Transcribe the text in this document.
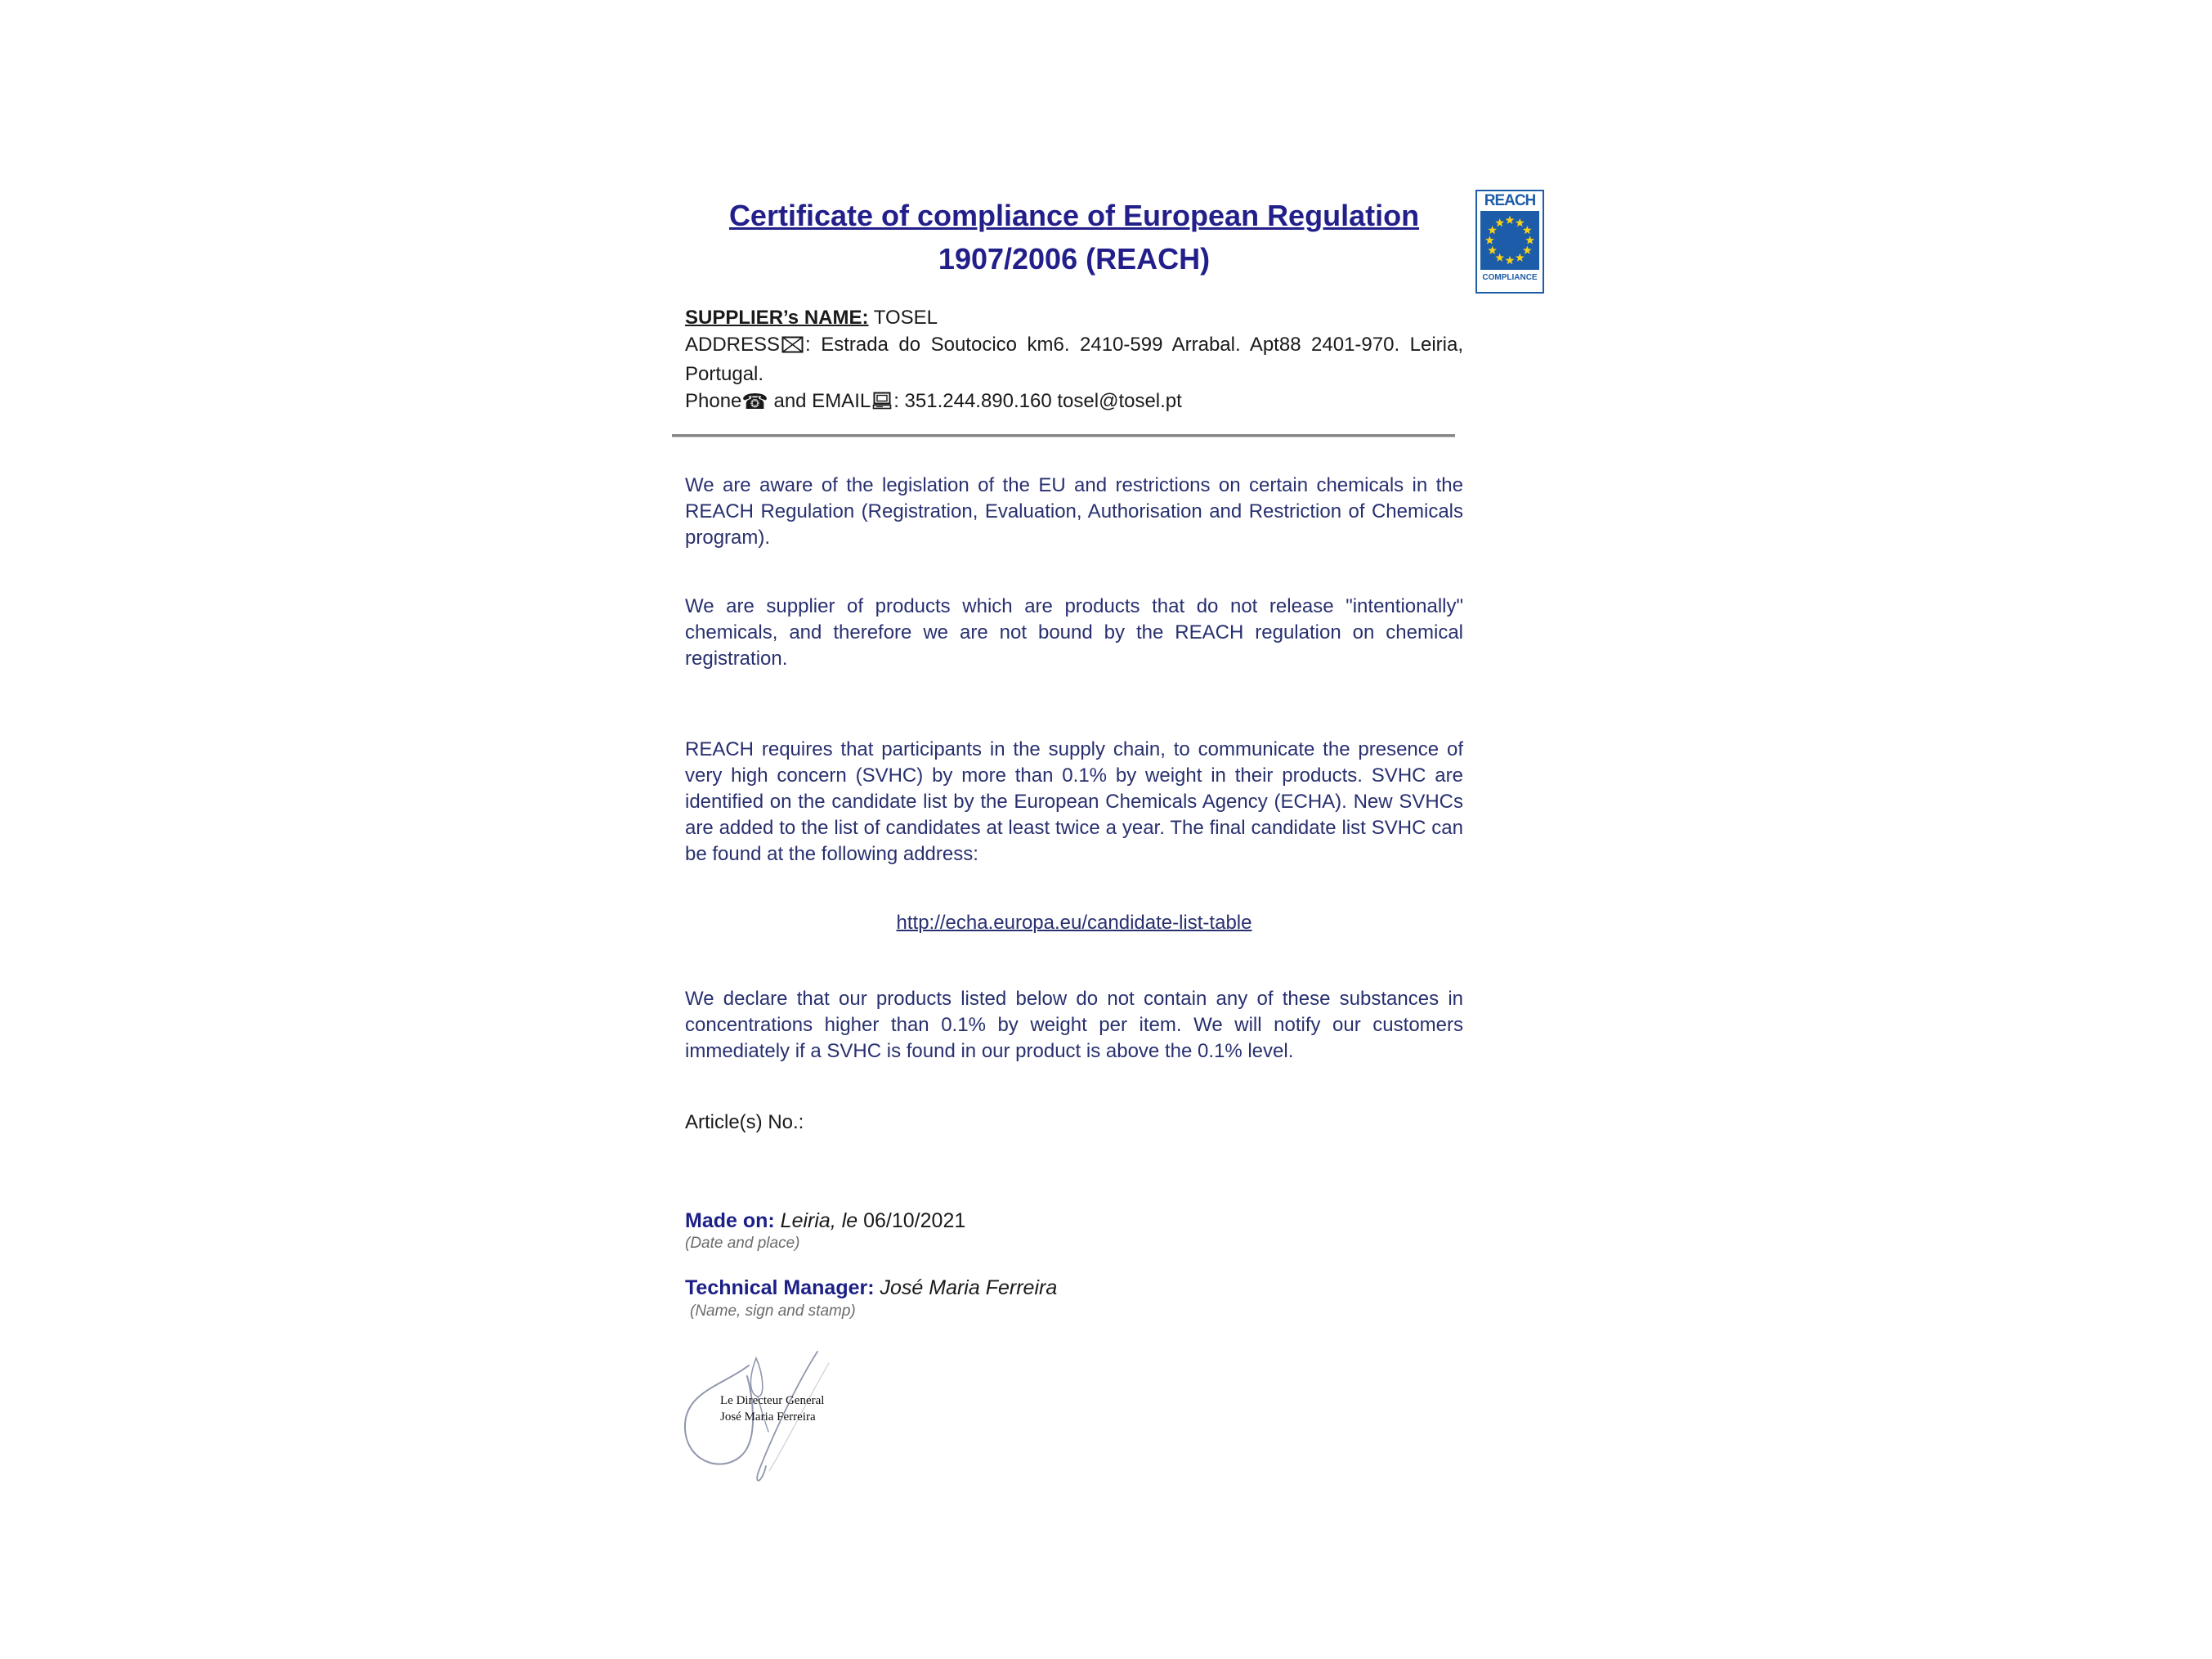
Certificate of compliance of European Regulation
1907/2006 (REACH)
REACH
COMPLIANCE

SUPPLIER’s NAME: TOSEL

ADDRESS : Estrada do Soutocico km6. 2410-599 Arrabal. Apt88 2401-970. Leiria, Portugal.

Phone☎ and EMAIL : 351.244.890.160 tosel@tosel.pt

We are aware of the legislation of the EU and restrictions on certain chemicals in the REACH Regulation (Registration, Evaluation, Authorisation and Restriction of Chemicals program).

We are supplier of products which are products that do not release "intentionally" chemicals, and therefore we are not bound by the REACH regulation on chemical registration.

REACH requires that participants in the supply chain, to communicate the presence of very high concern (SVHC) by more than 0.1% by weight in their products. SVHC are identified on the candidate list by the European Chemicals Agency (ECHA). New SVHCs are added to the list of candidates at least twice a year. The final candidate list SVHC can be found at the following address:

http://echa.europa.eu/candidate-list-table

We declare that our products listed below do not contain any of these substances in concentrations higher than 0.1% by weight per item. We will notify our customers immediately if a SVHC is found in our product is above the 0.1% level.

Article(s) No.:
Made on: Leiria, le 06/10/2021
(Date and place)
Technical Manager: José Maria Ferreira
(Name, sign and stamp)
Le Directeur General
José Maria Ferreira
